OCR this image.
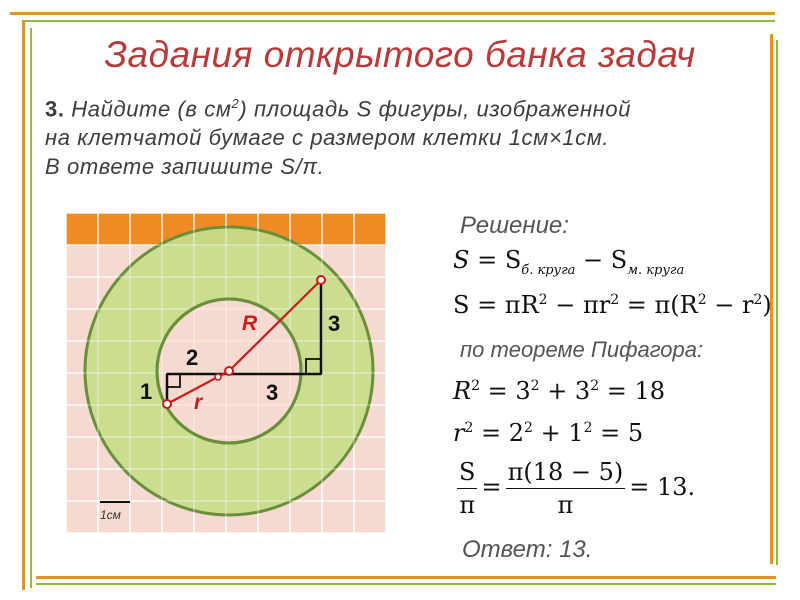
Задания открытого банка задач
3. Найдите (в $см^2$) площадь S фигуры, изображенной
на клетчатой бумаге с размером клетки 1см×1см.
В ответе запишите S/π.
R
r
2
1	3
3
1см
Решение:
$S = S_{б. круга} - S_{м. круга}$
$S = \pi R^2 - \pi r^2 = \pi(R^2 - r^2)$
по теореме Пифагора:
$R^2 = 3^2 + 3^2 = 18$
$r^2 = 2^2 + 1^2 = 5$
$\frac{S}{\pi} = \frac{\pi(18 - 5)}{\pi} = 13$.
Ответ: 13.
